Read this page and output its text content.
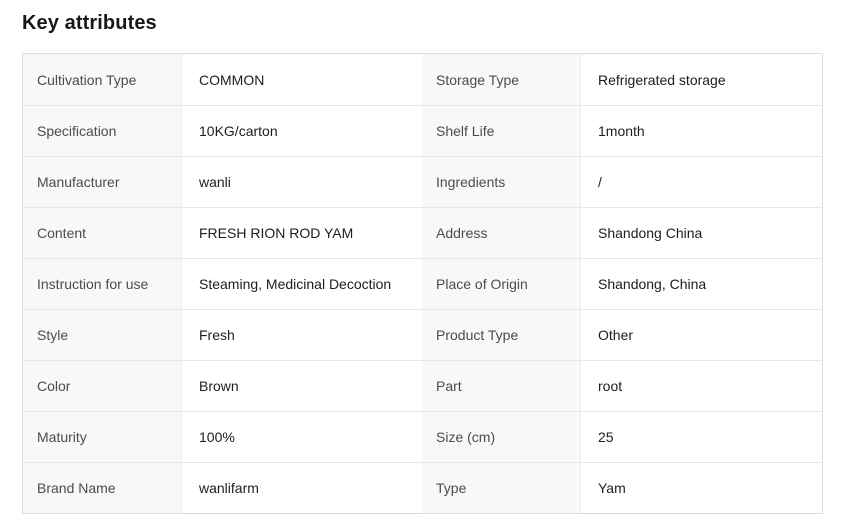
Key attributes
Cultivation Type	COMMON	Storage Type	Refrigerated storage
Specification	10KG/carton	Shelf Life	1month
Manufacturer	wanli	Ingredients	/
Content	FRESH RION ROD YAM	Address	Shandong China
Instruction for use	Steaming, Medicinal Decoction	Place of Origin	Shandong, China
Style	Fresh	Product Type	Other
Color	Brown	Part	root
Maturity	100%	Size (cm)	25
Brand Name	wanlifarm	Type	Yam
